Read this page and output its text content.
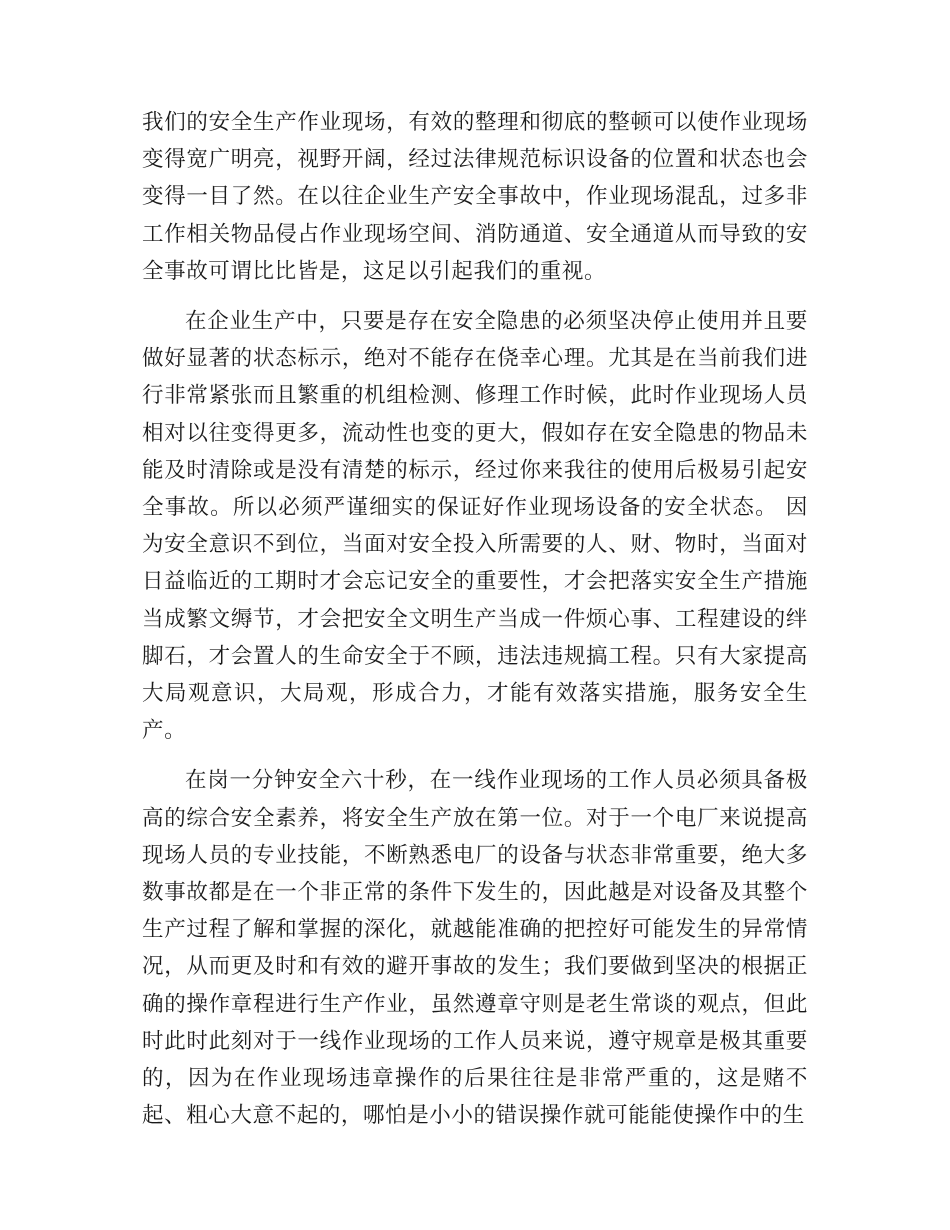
我们的安全生产作业现场，有效的整理和彻底的整顿可以使作业现场变得宽广明亮，视野开阔，经过法律规范标识设备的位置和状态也会变得一目了然。在以往企业生产安全事故中，作业现场混乱，过多非工作相关物品侵占作业现场空间、消防通道、安全通道从而导致的安全事故可谓比比皆是，这足以引起我们的重视。

在企业生产中，只要是存在安全隐患的必须坚决停止使用并且要做好显著的状态标示，绝对不能存在侥幸心理。尤其是在当前我们进行非常紧张而且繁重的机组检测、修理工作时候，此时作业现场人员相对以往变得更多，流动性也变的更大，假如存在安全隐患的物品未能及时清除或是没有清楚的标示，经过你来我往的使用后极易引起安全事故。所以必须严谨细实的保证好作业现场设备的安全状态。 因为安全意识不到位，当面对安全投入所需要的人、财、物时，当面对日益临近的工期时才会忘记安全的重要性，才会把落实安全生产措施当成繁文缛节，才会把安全文明生产当成一件烦心事、工程建设的绊脚石，才会置人的生命安全于不顾，违法违规搞工程。只有大家提高大局观意识，大局观，形成合力，才能有效落实措施，服务安全生产。

在岗一分钟安全六十秒，在一线作业现场的工作人员必须具备极高的综合安全素养，将安全生产放在第一位。对于一个电厂来说提高现场人员的专业技能，不断熟悉电厂的设备与状态非常重要，绝大多数事故都是在一个非正常的条件下发生的，因此越是对设备及其整个生产过程了解和掌握的深化，就越能准确的把控好可能发生的异常情况，从而更及时和有效的避开事故的发生；我们要做到坚决的根据正确的操作章程进行生产作业，虽然遵章守则是老生常谈的观点，但此时此时此刻对于一线作业现场的工作人员来说，遵守规章是极其重要的，因为在作业现场违章操作的后果往往是非常严重的，这是赌不起、粗心大意不起的，哪怕是小小的错误操作就可能能使操作中的生
